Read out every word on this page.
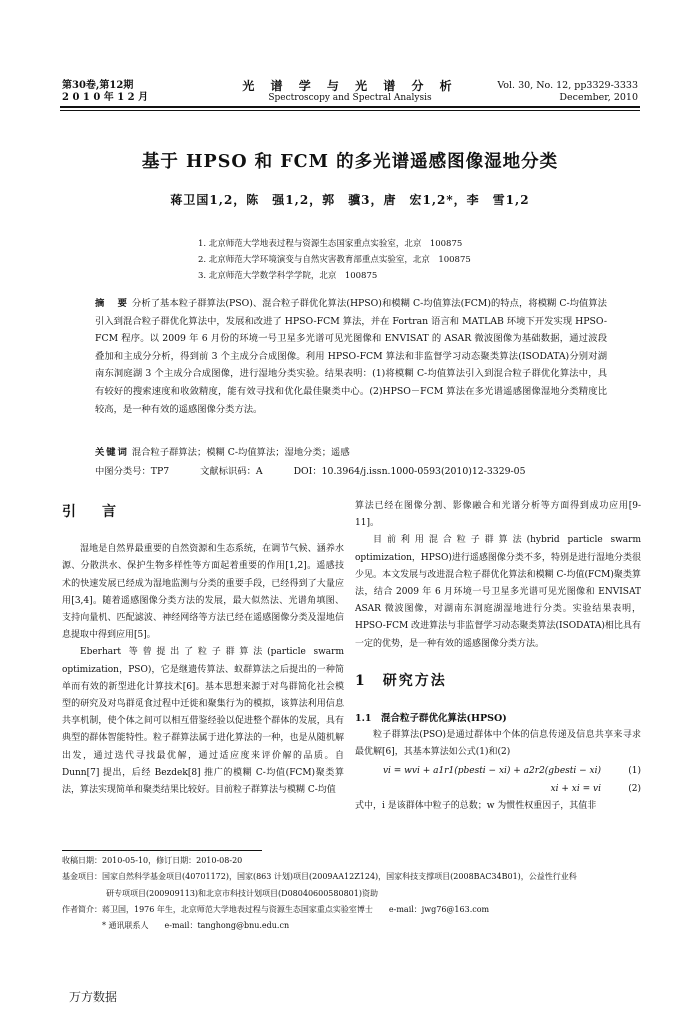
第30卷,第12期
2 0 1 0 年 1 2 月
光 谱 学 与 光 谱 分 析
Spectroscopy and Spectral Analysis
Vol. 30, No. 12, pp3329-3333
December, 2010
基于 HPSO 和 FCM 的多光谱遥感图像湿地分类
蒋卫国1,2，陈　强1,2，郭　骥3，唐　宏1,2*，李　雪1,2
1. 北京师范大学地表过程与资源生态国家重点实验室，北京　100875
2. 北京师范大学环境演变与自然灾害教育部重点实验室，北京　100875
3. 北京师范大学数学科学学院，北京　100875
摘　要 分析了基本粒子群算法(PSO)、混合粒子群优化算法(HPSO)和模糊 C-均值算法(FCM)的特点，将模糊 C-均值算法引入到混合粒子群优化算法中，发展和改进了 HPSO-FCM 算法，并在 Fortran 语言和 MATLAB 环境下开发实现 HPSO-FCM 程序。以 2009 年 6 月份的环境一号卫星多光谱可见光图像和 ENVISAT 的 ASAR 微波图像为基础数据，通过波段叠加和主成分分析，得到前 3 个主成分合成图像。利用 HPSO-FCM 算法和非监督学习动态聚类算法(ISODATA)分别对湖南东洞庭湖 3 个主成分合成图像，进行湿地分类实验。结果表明：(1)将模糊 C-均值算法引入到混合粒子群优化算法中，具有较好的搜索速度和收敛精度，能有效寻找和优化最佳聚类中心。(2)HPSO－FCM 算法在多光谱遥感图像湿地分类精度比较高，是一种有效的遥感图像分类方法。
关键词 混合粒子群算法；模糊 C-均值算法；湿地分类；遥感
中图分类号：TP7	文献标识码：A	DOI：10.3964/j.issn.1000-0593(2010)12-3329-05

引　言

湿地是自然界最重要的自然资源和生态系统，在调节气候、涵养水源、分散洪水、保护生物多样性等方面起着重要的作用[1,2]。遥感技术的快速发展已经成为湿地监测与分类的重要手段，已经得到了大量应用[3,4]。随着遥感图像分类方法的发展，最大似然法、光谱角填图、支持向量机、匹配滤波、神经网络等方法已经在遥感图像分类及湿地信息提取中得到应用[5]。

Eberhart 等曾提出了粒子群算法(particle swarm optimization，PSO)，它是继遗传算法、蚁群算法之后提出的一种简单而有效的新型进化计算技术[6]。基本思想来源于对鸟群简化社会模型的研究及对鸟群觅食过程中迁徙和聚集行为的模拟，该算法利用信息共享机制，使个体之间可以相互借鉴经验以促进整个群体的发展，具有典型的群体智能特性。粒子群算法属于进化算法的一种，也是从随机解出发，通过迭代寻找最优解，通过适应度来评价解的品质。自 Dunn[7] 提出，后经 Bezdek[8] 推广的模糊 C-均值(FCM)聚类算法，算法实现简单和聚类结果比较好。目前粒子群算法与模糊 C-均值

算法已经在图像分割、影像融合和光谱分析等方面得到成功应用[9-11]。

目前利用混合粒子群算法(hybrid particle swarm optimization，HPSO)进行遥感图像分类不多，特别是进行湿地分类很少见。本文发展与改进混合粒子群优化算法和模糊 C-均值(FCM)聚类算法，结合 2009 年 6 月环境一号卫星多光谱可见光图像和 ENVISAT ASAR 微波图像，对湖南东洞庭湖湿地进行分类。实验结果表明，HPSO-FCM 改进算法与非监督学习动态聚类算法(ISODATA)相比具有一定的优势，是一种有效的遥感图像分类方法。

1　研究方法

1.1　混合粒子群优化算法(HPSO)

粒子群算法(PSO)是通过群体中个体的信息传递及信息共享来寻求最优解[6]，其基本算法如公式(1)和(2)

vi = wvi + a1r1(pbesti − xi) + a2r2(gbesti − xi)	(1)
xi + xi = vi	(2)

式中，i 是该群体中粒子的总数；w 为惯性权重因子，其值非

收稿日期：2010-05-10，修订日期：2010-08-20
基金项目：国家自然科学基金项目(40701172)，国家(863 计划)项目(2009AA12Z124)，国家科技支撑项目(2008BAC34B01)，公益性行业科
研专项项目(200909113)和北京市科技计划项目(D08040600580801)资助
作者简介：蒋卫国，1976 年生，北京师范大学地表过程与资源生态国家重点实验室博士　　e-mail：jwg76@163.com
* 通讯联系人　　e-mail：tanghong@bnu.edu.cn
万方数据
